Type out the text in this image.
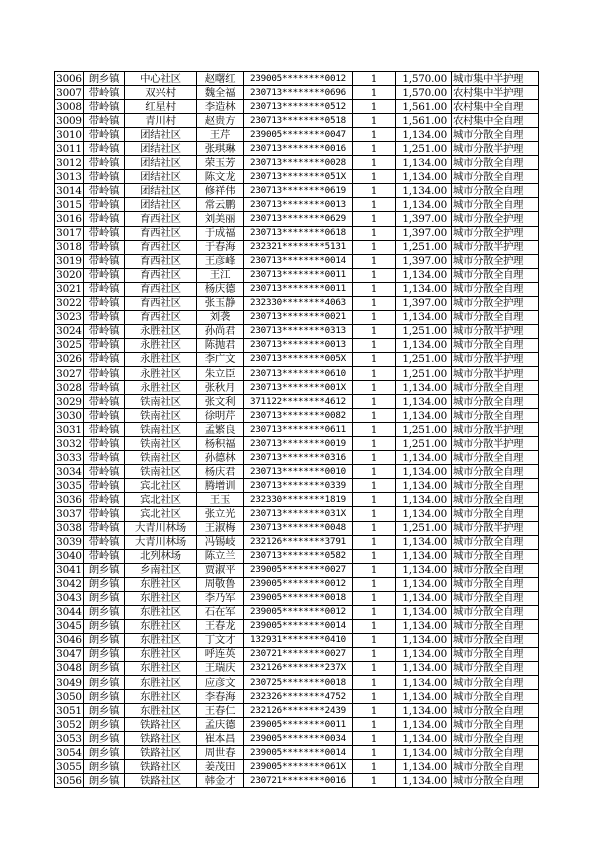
3006	朗乡镇	中心社区	赵曙红	239005********0012	1	1,570.00	城市集中半护理
3007	带岭镇	双兴村	魏全福	230713********0696	1	1,570.00	农村集中半护理
3008	带岭镇	红星村	李造林	230713********0512	1	1,561.00	农村集中全自理
3009	带岭镇	青川村	赵贵方	230713********0518	1	1,561.00	农村集中全自理
3010	带岭镇	团结社区	王芹	239005********0047	1	1,134.00	城市分散全自理
3011	带岭镇	团结社区	张琪琳	230713********0016	1	1,251.00	城市分散半护理
3012	带岭镇	团结社区	荣玉芳	230713********0028	1	1,134.00	城市分散全自理
3013	带岭镇	团结社区	陈文龙	230713********051X	1	1,134.00	城市分散全自理
3014	带岭镇	团结社区	修祥伟	230713********0619	1	1,134.00	城市分散全自理
3015	带岭镇	团结社区	常云鹏	230713********0013	1	1,134.00	城市分散全自理
3016	带岭镇	育西社区	刘美丽	230713********0629	1	1,397.00	城市分散全护理
3017	带岭镇	育西社区	于成福	230713********0618	1	1,397.00	城市分散全护理
3018	带岭镇	育西社区	于春海	232321********5131	1	1,251.00	城市分散半护理
3019	带岭镇	育西社区	王彦峰	230713********0014	1	1,397.00	城市分散全护理
3020	带岭镇	育西社区	王江	230713********0011	1	1,134.00	城市分散全自理
3021	带岭镇	育西社区	杨庆德	230713********0011	1	1,134.00	城市分散全自理
3022	带岭镇	育西社区	张玉静	232330********4063	1	1,397.00	城市分散全护理
3023	带岭镇	育西社区	刘袭	230713********0021	1	1,134.00	城市分散全自理
3024	带岭镇	永胜社区	孙尚君	230713********0313	1	1,251.00	城市分散半护理
3025	带岭镇	永胜社区	陈抛君	230713********0013	1	1,134.00	城市分散全自理
3026	带岭镇	永胜社区	李广文	230713********005X	1	1,251.00	城市分散半护理
3027	带岭镇	永胜社区	朱立臣	230713********0610	1	1,251.00	城市分散半护理
3028	带岭镇	永胜社区	张秋月	230713********001X	1	1,134.00	城市分散全自理
3029	带岭镇	铁南社区	张文利	371122********4612	1	1,134.00	城市分散全自理
3030	带岭镇	铁南社区	徐明芹	230713********0082	1	1,134.00	城市分散全自理
3031	带岭镇	铁南社区	孟繁良	230713********0611	1	1,251.00	城市分散半护理
3032	带岭镇	铁南社区	杨积福	230713********0019	1	1,251.00	城市分散半护理
3033	带岭镇	铁南社区	孙德林	230713********0316	1	1,134.00	城市分散全自理
3034	带岭镇	铁南社区	杨庆君	230713********0010	1	1,134.00	城市分散全自理
3035	带岭镇	宾北社区	腾增训	230713********0339	1	1,134.00	城市分散全自理
3036	带岭镇	宾北社区	王玉	232330********1819	1	1,134.00	城市分散全自理
3037	带岭镇	宾北社区	张立光	230713********031X	1	1,134.00	城市分散全自理
3038	带岭镇	大青川林场	王淑梅	230713********0048	1	1,251.00	城市分散半护理
3039	带岭镇	大青川林场	冯锡岐	232126********3791	1	1,134.00	城市分散全自理
3040	带岭镇	北列林场	陈立兰	230713********0582	1	1,134.00	城市分散全自理
3041	朗乡镇	乡南社区	贾淑平	239005********0027	1	1,134.00	城市分散全自理
3042	朗乡镇	东胜社区	周敬鲁	239005********0012	1	1,134.00	城市分散全自理
3043	朗乡镇	东胜社区	李乃军	239005********0018	1	1,134.00	城市分散全自理
3044	朗乡镇	东胜社区	石在军	239005********0012	1	1,134.00	城市分散全自理
3045	朗乡镇	东胜社区	王春龙	239005********0014	1	1,134.00	城市分散全自理
3046	朗乡镇	东胜社区	丁文才	132931********0410	1	1,134.00	城市分散全自理
3047	朗乡镇	东胜社区	呼连英	230721********0027	1	1,134.00	城市分散全自理
3048	朗乡镇	东胜社区	王瑞庆	232126********237X	1	1,134.00	城市分散全自理
3049	朗乡镇	东胜社区	应彦文	230725********0018	1	1,134.00	城市分散全自理
3050	朗乡镇	东胜社区	李春海	232326********4752	1	1,134.00	城市分散全自理
3051	朗乡镇	东胜社区	王春仁	232126********2439	1	1,134.00	城市分散全自理
3052	朗乡镇	铁路社区	孟庆德	239005********0011	1	1,134.00	城市分散全自理
3053	朗乡镇	铁路社区	崔本昌	239005********0034	1	1,134.00	城市分散全自理
3054	朗乡镇	铁路社区	周世春	239005********0014	1	1,134.00	城市分散全自理
3055	朗乡镇	铁路社区	姜茂田	239005********061X	1	1,134.00	城市分散全自理
3056	朗乡镇	铁路社区	韩金才	230721********0016	1	1,134.00	城市分散全自理
